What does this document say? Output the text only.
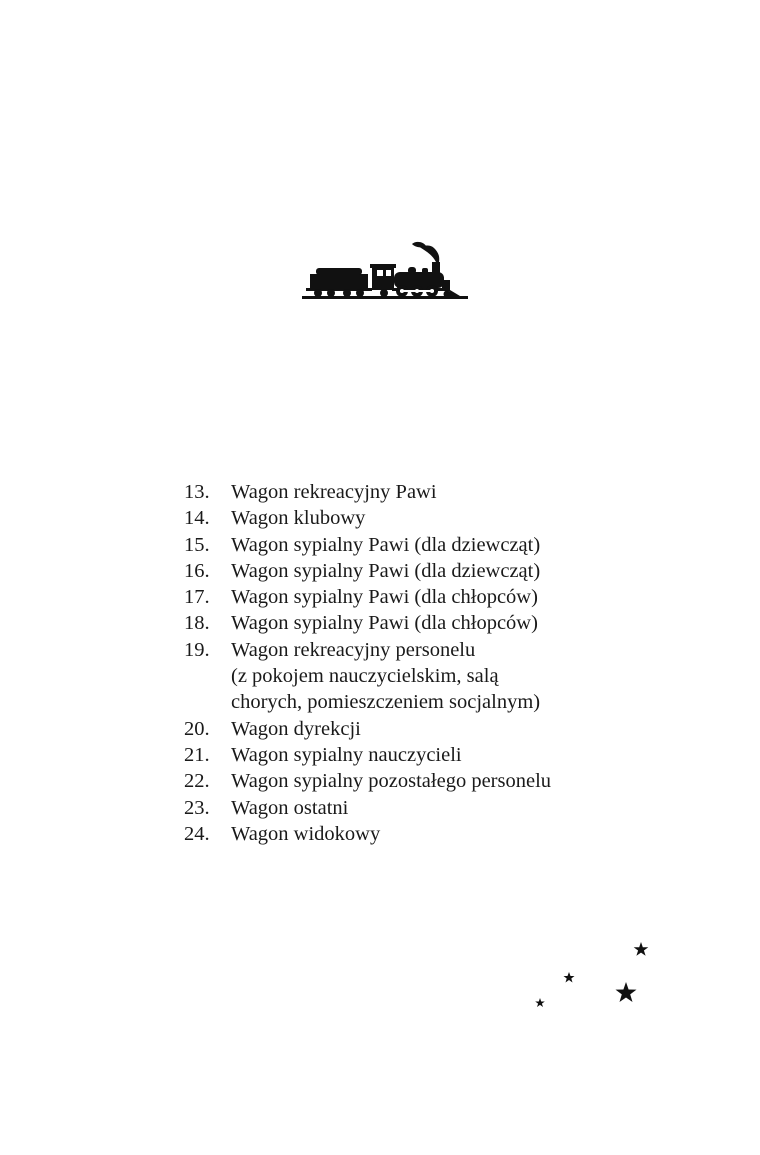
13.	Wagon rekreacyjny Pawi
14.	Wagon klubowy
15.	Wagon sypialny Pawi (dla dziewcząt)
16.	Wagon sypialny Pawi (dla dziewcząt)
17.	Wagon sypialny Pawi (dla chłopców)
18.	Wagon sypialny Pawi (dla chłopców)
19.	Wagon rekreacyjny personelu
(z pokojem nauczycielskim, salą
chorych, pomieszczeniem socjalnym)
20.	Wagon dyrekcji
21.	Wagon sypialny nauczycieli
22.	Wagon sypialny pozostałego personelu
23.	Wagon ostatni
24.	Wagon widokowy
